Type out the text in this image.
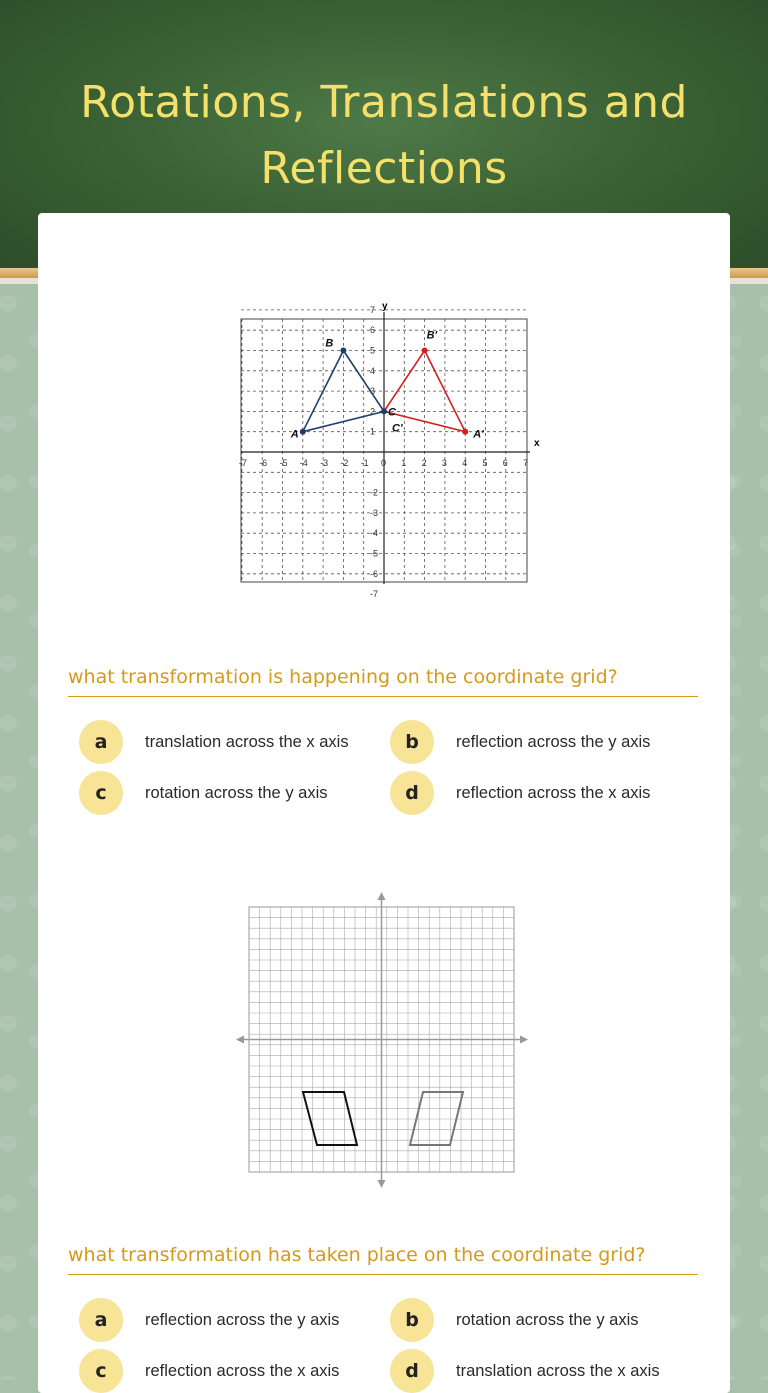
Rotations, Translations and
Reflections
x
y
-7 -6 -5 -4 -3 -2 -1 0 1 2 3 4 5 6 7
7
6
5
4
3
2
1
-2
-3
-4
-5
-6
-7
A
B
C
A'
B'
C'
what transformation is happening on the coordinate grid?
a	translation across the x axis	b	reflection across the y axis
c	rotation across the y axis	d	reflection across the x axis
what transformation has taken place on the coordinate grid?
a	reflection across the y axis	b	rotation across the y axis
c	reflection across the x axis	d	translation across the x axis
